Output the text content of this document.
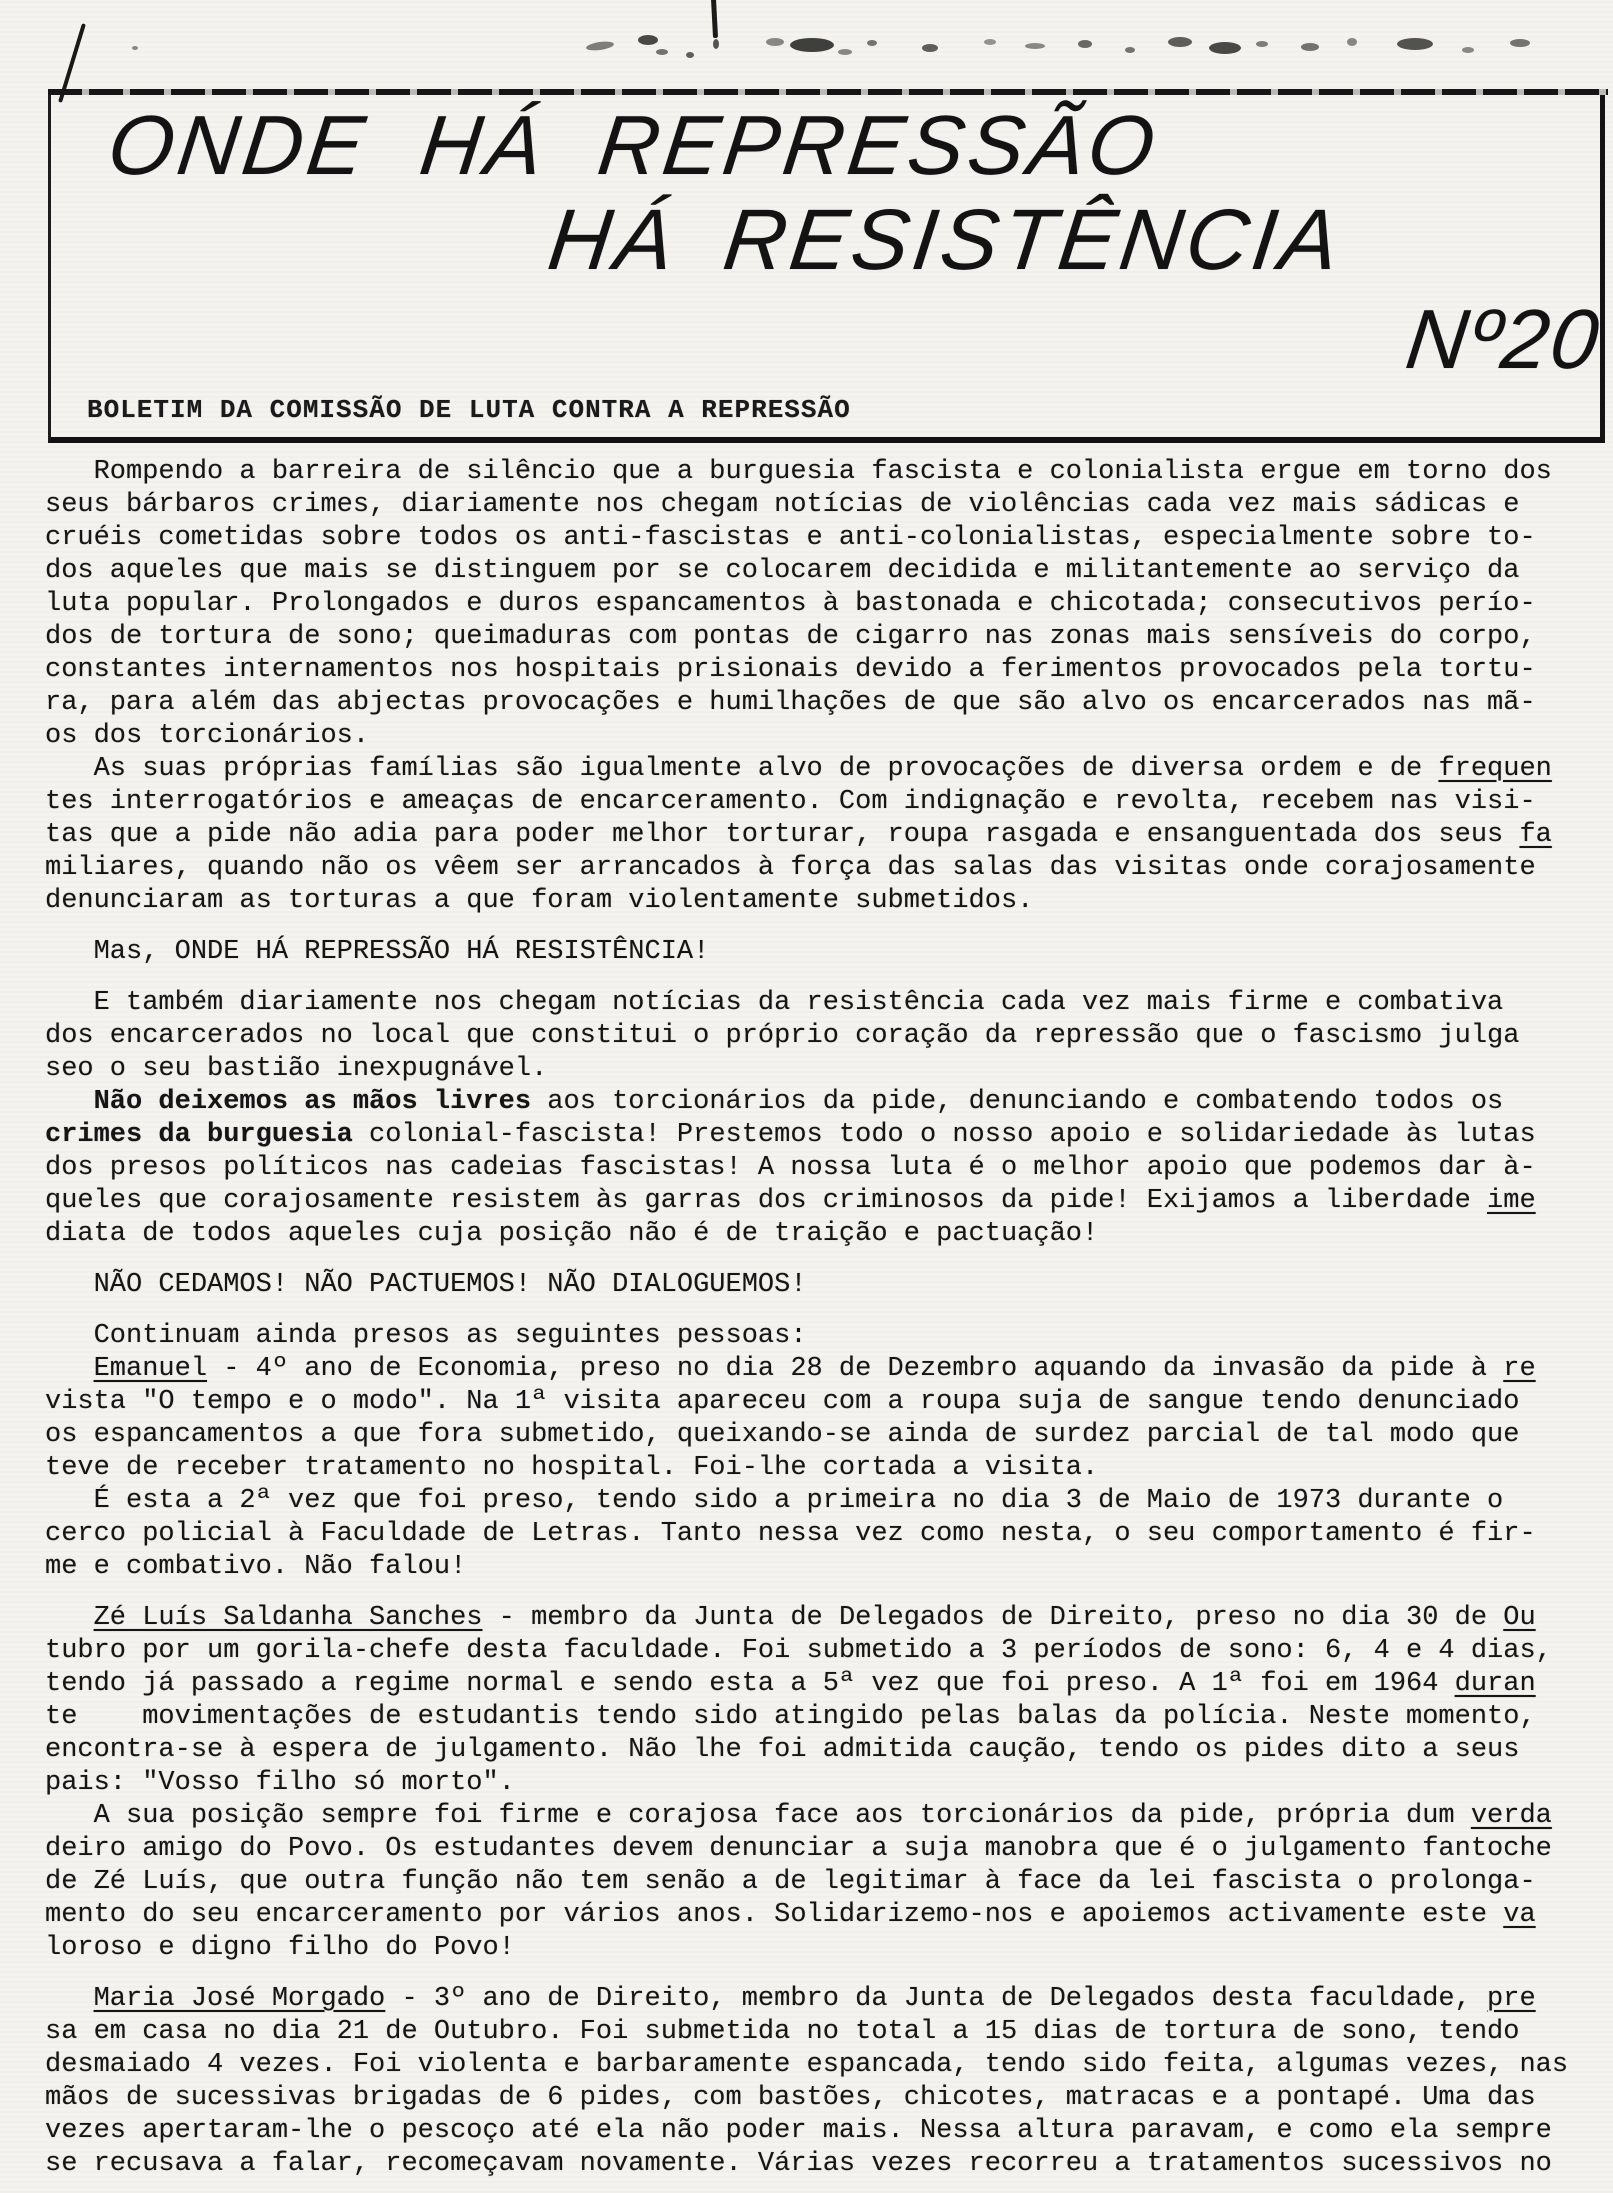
ONDE HÁ REPRESSÃO
HÁ RESISTÊNCIA
Nº20
BOLETIM DA COMISSÃO DE LUTA CONTRA A REPRESSÃO
Rompendo a barreira de silêncio que a burguesia fascista e colonialista ergue em torno dos
seus bárbaros crimes, diariamente nos chegam notícias de violências cada vez mais sádicas e
cruéis cometidas sobre todos os anti-fascistas e anti-colonialistas, especialmente sobre to-
dos aqueles que mais se distinguem por se colocarem decidida e militantemente ao serviço da
luta popular. Prolongados e duros espancamentos à bastonada e chicotada; consecutivos perío-
dos de tortura de sono; queimaduras com pontas de cigarro nas zonas mais sensíveis do corpo,
constantes internamentos nos hospitais prisionais devido a ferimentos provocados pela tortu-
ra, para além das abjectas provocações e humilhações de que são alvo os encarcerados nas mã-
os dos torcionários.
As suas próprias famílias são igualmente alvo de provocações de diversa ordem e de frequen
tes interrogatórios e ameaças de encarceramento. Com indignação e revolta, recebem nas visi-
tas que a pide não adia para poder melhor torturar, roupa rasgada e ensanguentada dos seus fa
miliares, quando não os vêem ser arrancados à força das salas das visitas onde corajosamente
denunciaram as torturas a que foram violentamente submetidos.
Mas, ONDE HÁ REPRESSÃO HÁ RESISTÊNCIA!
E também diariamente nos chegam notícias da resistência cada vez mais firme e combativa
dos encarcerados no local que constitui o próprio coração da repressão que o fascismo julga
seo o seu bastião inexpugnável.
Não deixemos as mãos livres aos torcionários da pide, denunciando e combatendo todos os
crimes da burguesia colonial-fascista! Prestemos todo o nosso apoio e solidariedade às lutas
dos presos políticos nas cadeias fascistas! A nossa luta é o melhor apoio que podemos dar à-
queles que corajosamente resistem às garras dos criminosos da pide! Exijamos a liberdade ime
diata de todos aqueles cuja posição não é de traição e pactuação!
NÃO CEDAMOS! NÃO PACTUEMOS! NÃO DIALOGUEMOS!
Continuam ainda presos as seguintes pessoas:
Emanuel - 4º ano de Economia, preso no dia 28 de Dezembro aquando da invasão da pide à re
vista "O tempo e o modo". Na 1ª visita apareceu com a roupa suja de sangue tendo denunciado
os espancamentos a que fora submetido, queixando-se ainda de surdez parcial de tal modo que
teve de receber tratamento no hospital. Foi-lhe cortada a visita.
É esta a 2ª vez que foi preso, tendo sido a primeira no dia 3 de Maio de 1973 durante o
cerco policial à Faculdade de Letras. Tanto nessa vez como nesta, o seu comportamento é fir-
me e combativo. Não falou!
Zé Luís Saldanha Sanches - membro da Junta de Delegados de Direito, preso no dia 30 de Ou
tubro por um gorila-chefe desta faculdade. Foi submetido a 3 períodos de sono: 6, 4 e 4 dias,
tendo já passado a regime normal e sendo esta a 5ª vez que foi preso. A 1ª foi em 1964 duran
te    movimentações de estudantis tendo sido atingido pelas balas da polícia. Neste momento,
encontra-se à espera de julgamento. Não lhe foi admitida caução, tendo os pides dito a seus
pais: "Vosso filho só morto".
A sua posição sempre foi firme e corajosa face aos torcionários da pide, própria dum verda
deiro amigo do Povo. Os estudantes devem denunciar a suja manobra que é o julgamento fantoche
de Zé Luís, que outra função não tem senão a de legitimar à face da lei fascista o prolonga-
mento do seu encarceramento por vários anos. Solidarizemo-nos e apoiemos activamente este va
loroso e digno filho do Povo!
Maria José Morgado - 3º ano de Direito, membro da Junta de Delegados desta faculdade, pre
sa em casa no dia 21 de Outubro. Foi submetida no total a 15 dias de tortura de sono, tendo
desmaiado 4 vezes. Foi violenta e barbaramente espancada, tendo sido feita, algumas vezes, nas
mãos de sucessivas brigadas de 6 pides, com bastões, chicotes, matracas e a pontapé. Uma das
vezes apertaram-lhe o pescoço até ela não poder mais. Nessa altura paravam, e como ela sempre
se recusava a falar, recomeçavam novamente. Várias vezes recorreu a tratamentos sucessivos no
